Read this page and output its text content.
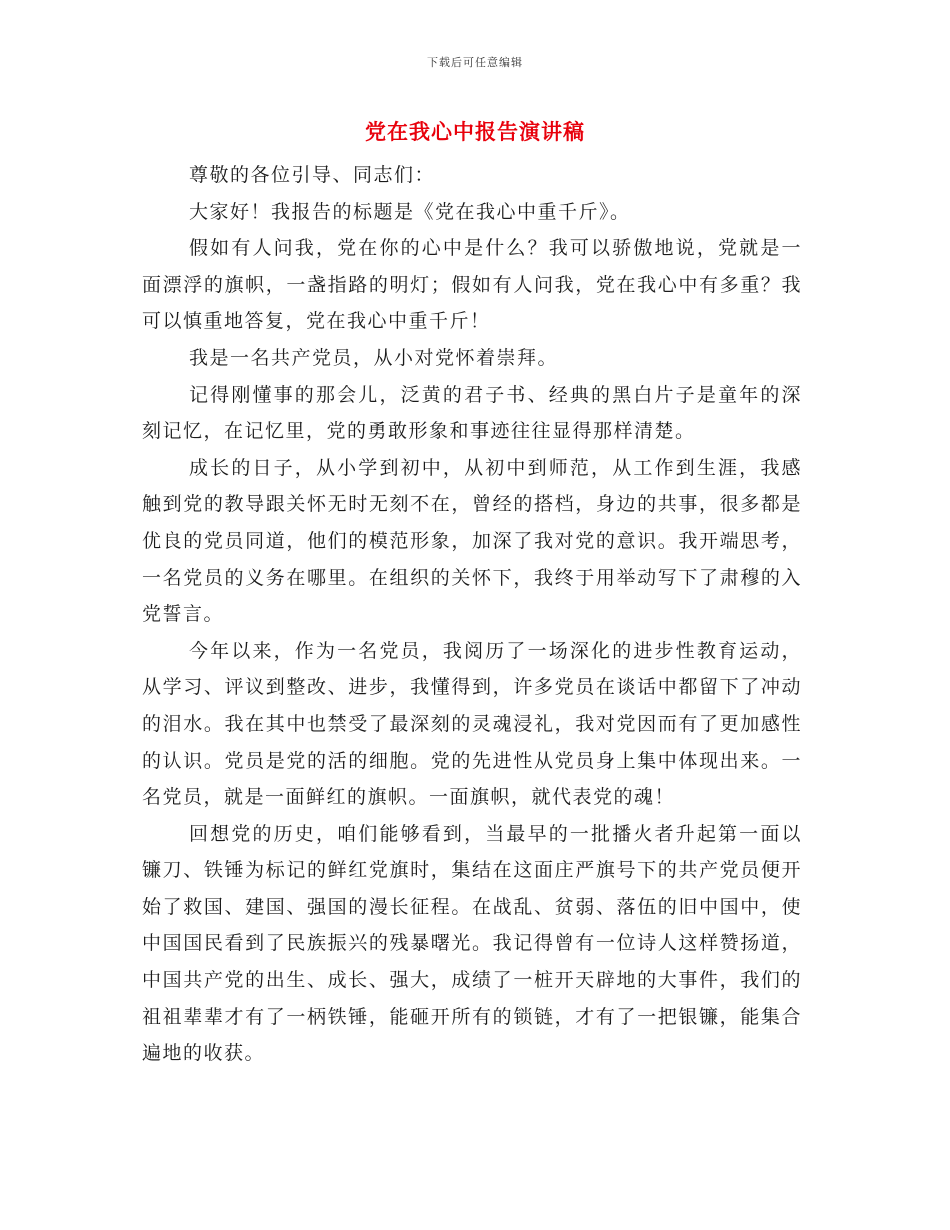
下载后可任意编辑
党在我心中报告演讲稿

尊敬的各位引导、同志们：

大家好！我报告的标题是《党在我心中重千斤》。

假如有人问我，党在你的心中是什么？我可以骄傲地说，党就是一面漂浮的旗帜，一盏指路的明灯；假如有人问我，党在我心中有多重？我可以慎重地答复，党在我心中重千斤！

我是一名共产党员，从小对党怀着崇拜。

记得刚懂事的那会儿，泛黄的君子书、经典的黑白片子是童年的深刻记忆，在记忆里，党的勇敢形象和事迹往往显得那样清楚。

成长的日子，从小学到初中，从初中到师范，从工作到生涯，我感触到党的教导跟关怀无时无刻不在，曾经的搭档，身边的共事，很多都是优良的党员同道，他们的模范形象，加深了我对党的意识。我开端思考，一名党员的义务在哪里。在组织的关怀下，我终于用举动写下了肃穆的入党誓言。

今年以来，作为一名党员，我阅历了一场深化的进步性教育运动，从学习、评议到整改、进步，我懂得到，许多党员在谈话中都留下了冲动的泪水。我在其中也禁受了最深刻的灵魂浸礼，我对党因而有了更加感性的认识。党员是党的活的细胞。党的先进性从党员身上集中体现出来。一名党员，就是一面鲜红的旗帜。一面旗帜，就代表党的魂！

回想党的历史，咱们能够看到，当最早的一批播火者升起第一面以镰刀、铁锤为标记的鲜红党旗时，集结在这面庄严旗号下的共产党员便开始了救国、建国、强国的漫长征程。在战乱、贫弱、落伍的旧中国中，使中国国民看到了民族振兴的残暴曙光。我记得曾有一位诗人这样赞扬道，中国共产党的出生、成长、强大，成绩了一桩开天辟地的大事件，我们的祖祖辈辈才有了一柄铁锤，能砸开所有的锁链，才有了一把银镰，能集合遍地的收获。
